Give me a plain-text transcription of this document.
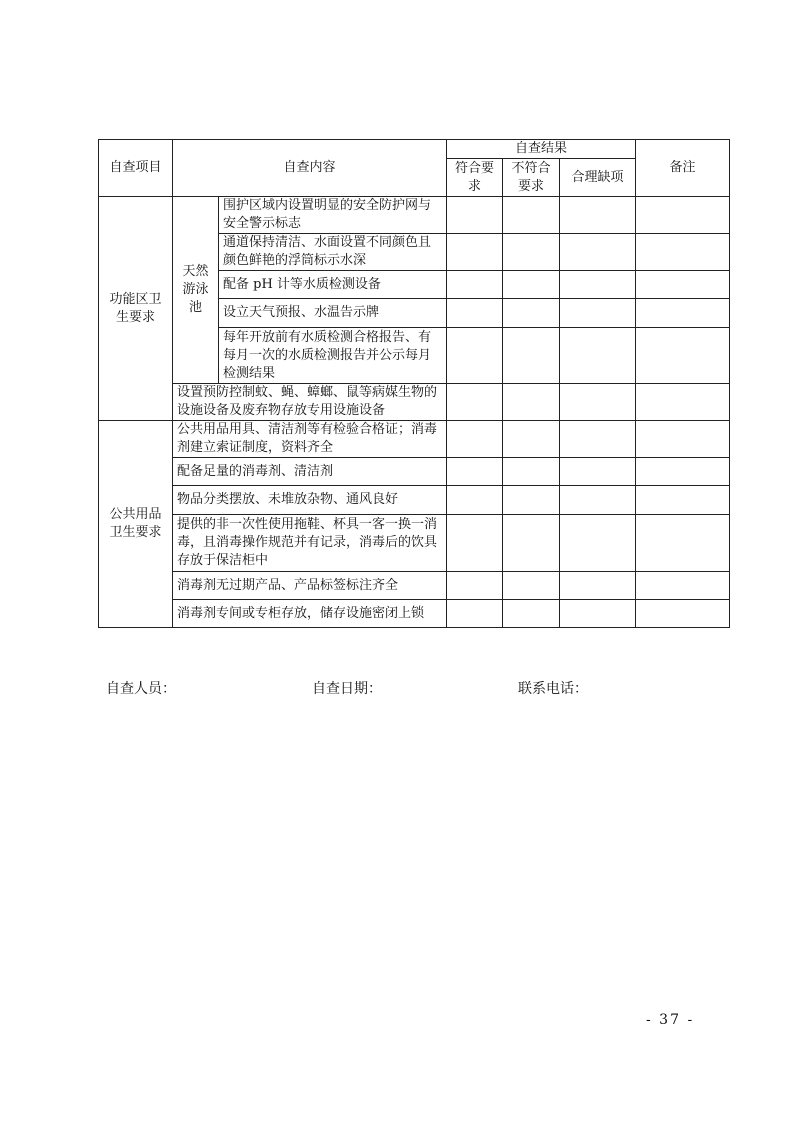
自查项目	自查内容		自查结果			备注
			符合要求	不符合要求	合理缺项	
功能区卫生要求	天然游泳池	围护区域内设置明显的安全防护网与安全警示标志				
		通道保持清洁、水面设置不同颜色且颜色鲜艳的浮筒标示水深				
		配备 pH 计等水质检测设备				
		设立天气预报、水温告示牌				
		每年开放前有水质检测合格报告、有每月一次的水质检测报告并公示每月检测结果				
	设置预防控制蚊、蝇、蟑螂、鼠等病媒生物的设施设备及废弃物存放专用设施设备					
公共用品卫生要求	公共用品用具、清洁剂等有检验合格证；消毒剂建立索证制度，资料齐全					
	配备足量的消毒剂、清洁剂					
	物品分类摆放、未堆放杂物、通风良好					
	提供的非一次性使用拖鞋、杯具一客一换一消毒，且消毒操作规范并有记录，消毒后的饮具存放于保洁柜中					
	消毒剂无过期产品、产品标签标注齐全					
	消毒剂专间或专柜存放，储存设施密闭上锁					
自查人员：	自查日期：	联系电话：
- 37 -
